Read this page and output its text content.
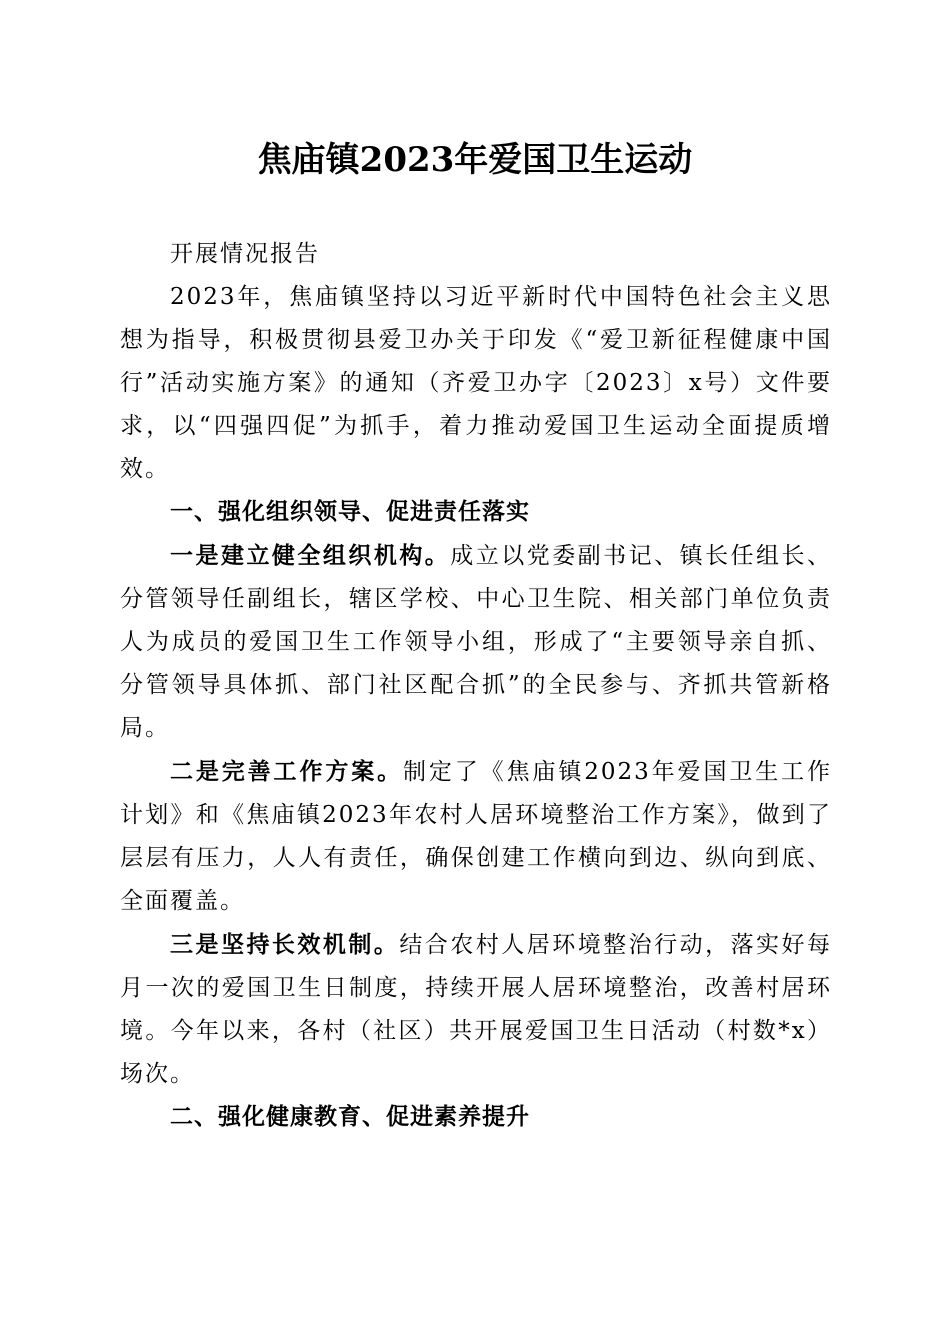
焦庙镇2023年爱国卫生运动

开展情况报告

2023年，焦庙镇坚持以习近平新时代中国特色社会主义思想为指导，积极贯彻县爱卫办关于印发《“爱卫新征程健康中国行”活动实施方案》的通知（齐爱卫办字〔2023〕x号）文件要求，以“四强四促”为抓手，着力推动爱国卫生运动全面提质增效。

一、强化组织领导、促进责任落实

一是建立健全组织机构。成立以党委副书记、镇长任组长、分管领导任副组长，辖区学校、中心卫生院、相关部门单位负责人为成员的爱国卫生工作领导小组，形成了“主要领导亲自抓、分管领导具体抓、部门社区配合抓”的全民参与、齐抓共管新格局。

二是完善工作方案。制定了《焦庙镇2023年爱国卫生工作计划》和《焦庙镇2023年农村人居环境整治工作方案》，做到了层层有压力，人人有责任，确保创建工作横向到边、纵向到底、全面覆盖。

三是坚持长效机制。结合农村人居环境整治行动，落实好每月一次的爱国卫生日制度，持续开展人居环境整治，改善村居环境。今年以来，各村（社区）共开展爱国卫生日活动（村数*x）场次。

二、强化健康教育、促进素养提升
